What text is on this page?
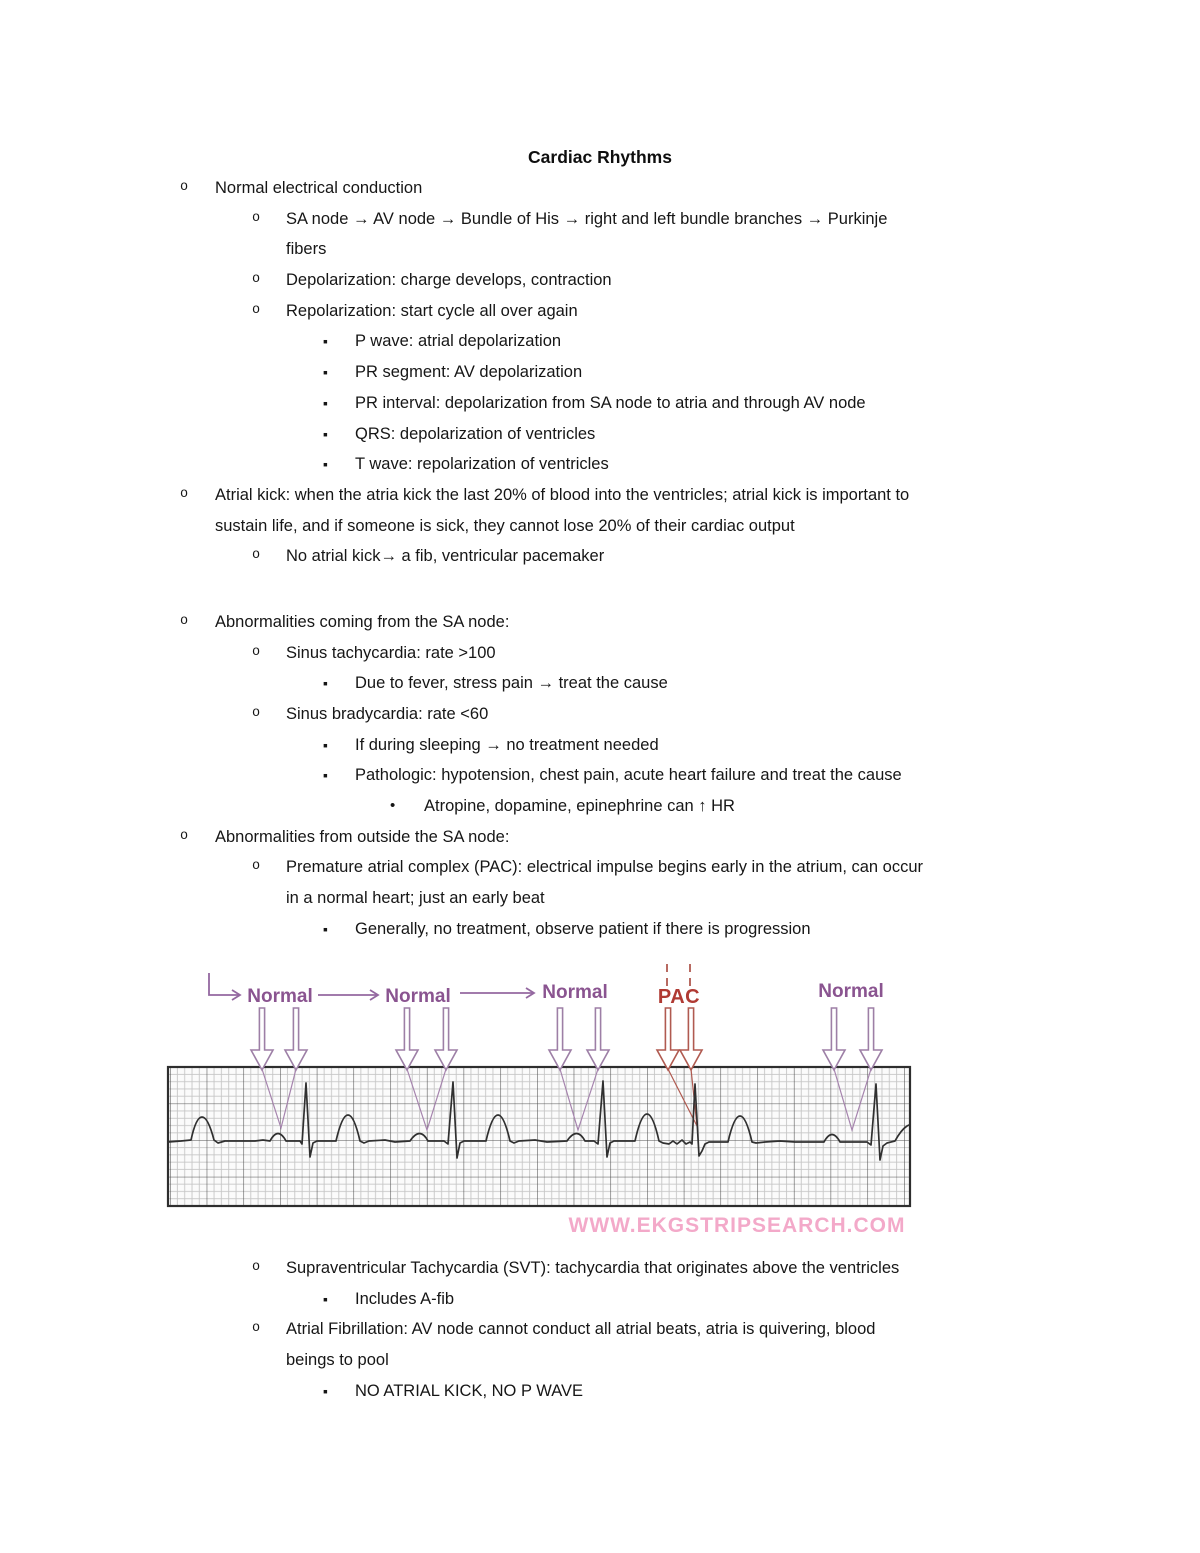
Cardiac Rhythms
o Normal electrical conduction
o SA node → AV node → Bundle of His → right and left bundle branches → Purkinje
fibers
o Depolarization: charge develops, contraction
o Repolarization: start cycle all over again
▪ P wave: atrial depolarization
▪ PR segment: AV depolarization
▪ PR interval: depolarization from SA node to atria and through AV node
▪ QRS: depolarization of ventricles
▪ T wave: repolarization of ventricles
o Atrial kick: when the atria kick the last 20% of blood into the ventricles; atrial kick is important to
sustain life, and if someone is sick, they cannot lose 20% of their cardiac output
o No atrial kick→ a fib, ventricular pacemaker
o Abnormalities coming from the SA node:
o Sinus tachycardia: rate >100
▪ Due to fever, stress pain → treat the cause
o Sinus bradycardia: rate <60
▪ If during sleeping → no treatment needed
▪ Pathologic: hypotension, chest pain, acute heart failure and treat the cause
• Atropine, dopamine, epinephrine can ↑ HR
o Abnormalities from outside the SA node:
o Premature atrial complex (PAC): electrical impulse begins early in the atrium, can occur
in a normal heart; just an early beat
▪ Generally, no treatment, observe patient if there is progression
Normal	Normal	Normal	PAC	Normal
WWW.EKGSTRIPSEARCH.COM
o Supraventricular Tachycardia (SVT): tachycardia that originates above the ventricles
▪ Includes A-fib
o Atrial Fibrillation: AV node cannot conduct all atrial beats, atria is quivering, blood
beings to pool
▪ NO ATRIAL KICK, NO P WAVE
